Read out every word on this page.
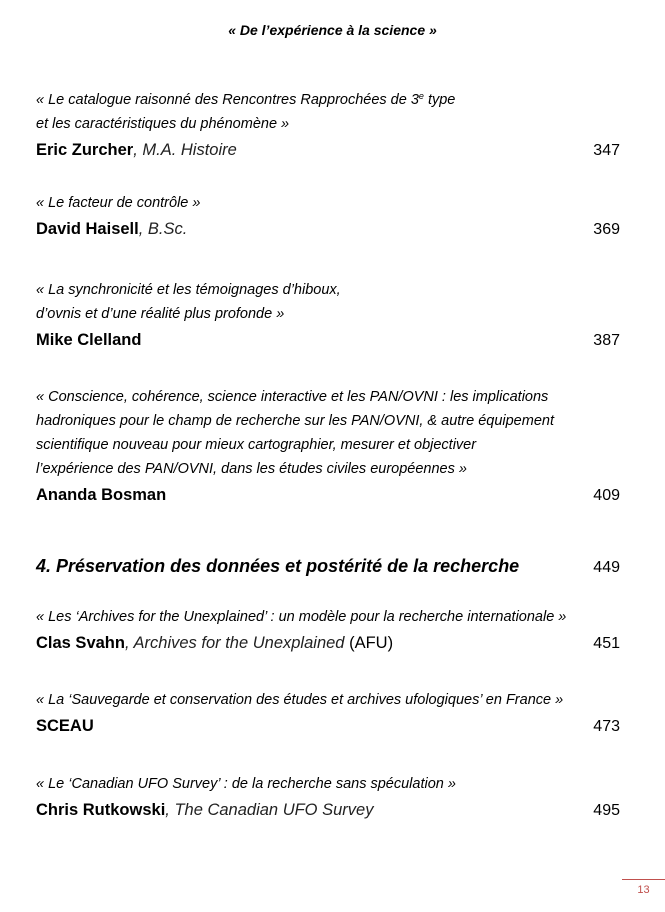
« De l’expérience à la science »
« Le catalogue raisonné des Rencontres Rapprochées de 3e type
et les caractéristiques du phénomène »
Eric Zurcher, M.A. Histoire	347
« Le facteur de contrôle »
David Haisell, B.Sc.	369
« La synchronicité et les témoignages d’hiboux,
d’ovnis et d’une réalité plus profonde »
Mike Clelland	387
« Conscience, cohérence, science interactive et les PAN/OVNI : les implications
hadroniques pour le champ de recherche sur les PAN/OVNI, & autre équipement
scientifique nouveau pour mieux cartographier, mesurer et objectiver
l’expérience des PAN/OVNI, dans les études civiles européennes »
Ananda Bosman	409
4. Préservation des données et postérité de la recherche	449
« Les ‘Archives for the Unexplained’ : un modèle pour la recherche internationale »
Clas Svahn, Archives for the Unexplained (AFU)	451
« La ‘Sauvegarde et conservation des études et archives ufologiques’ en France »
SCEAU	473
« Le ‘Canadian UFO Survey’ : de la recherche sans spéculation »
Chris Rutkowski, The Canadian UFO Survey	495
13
